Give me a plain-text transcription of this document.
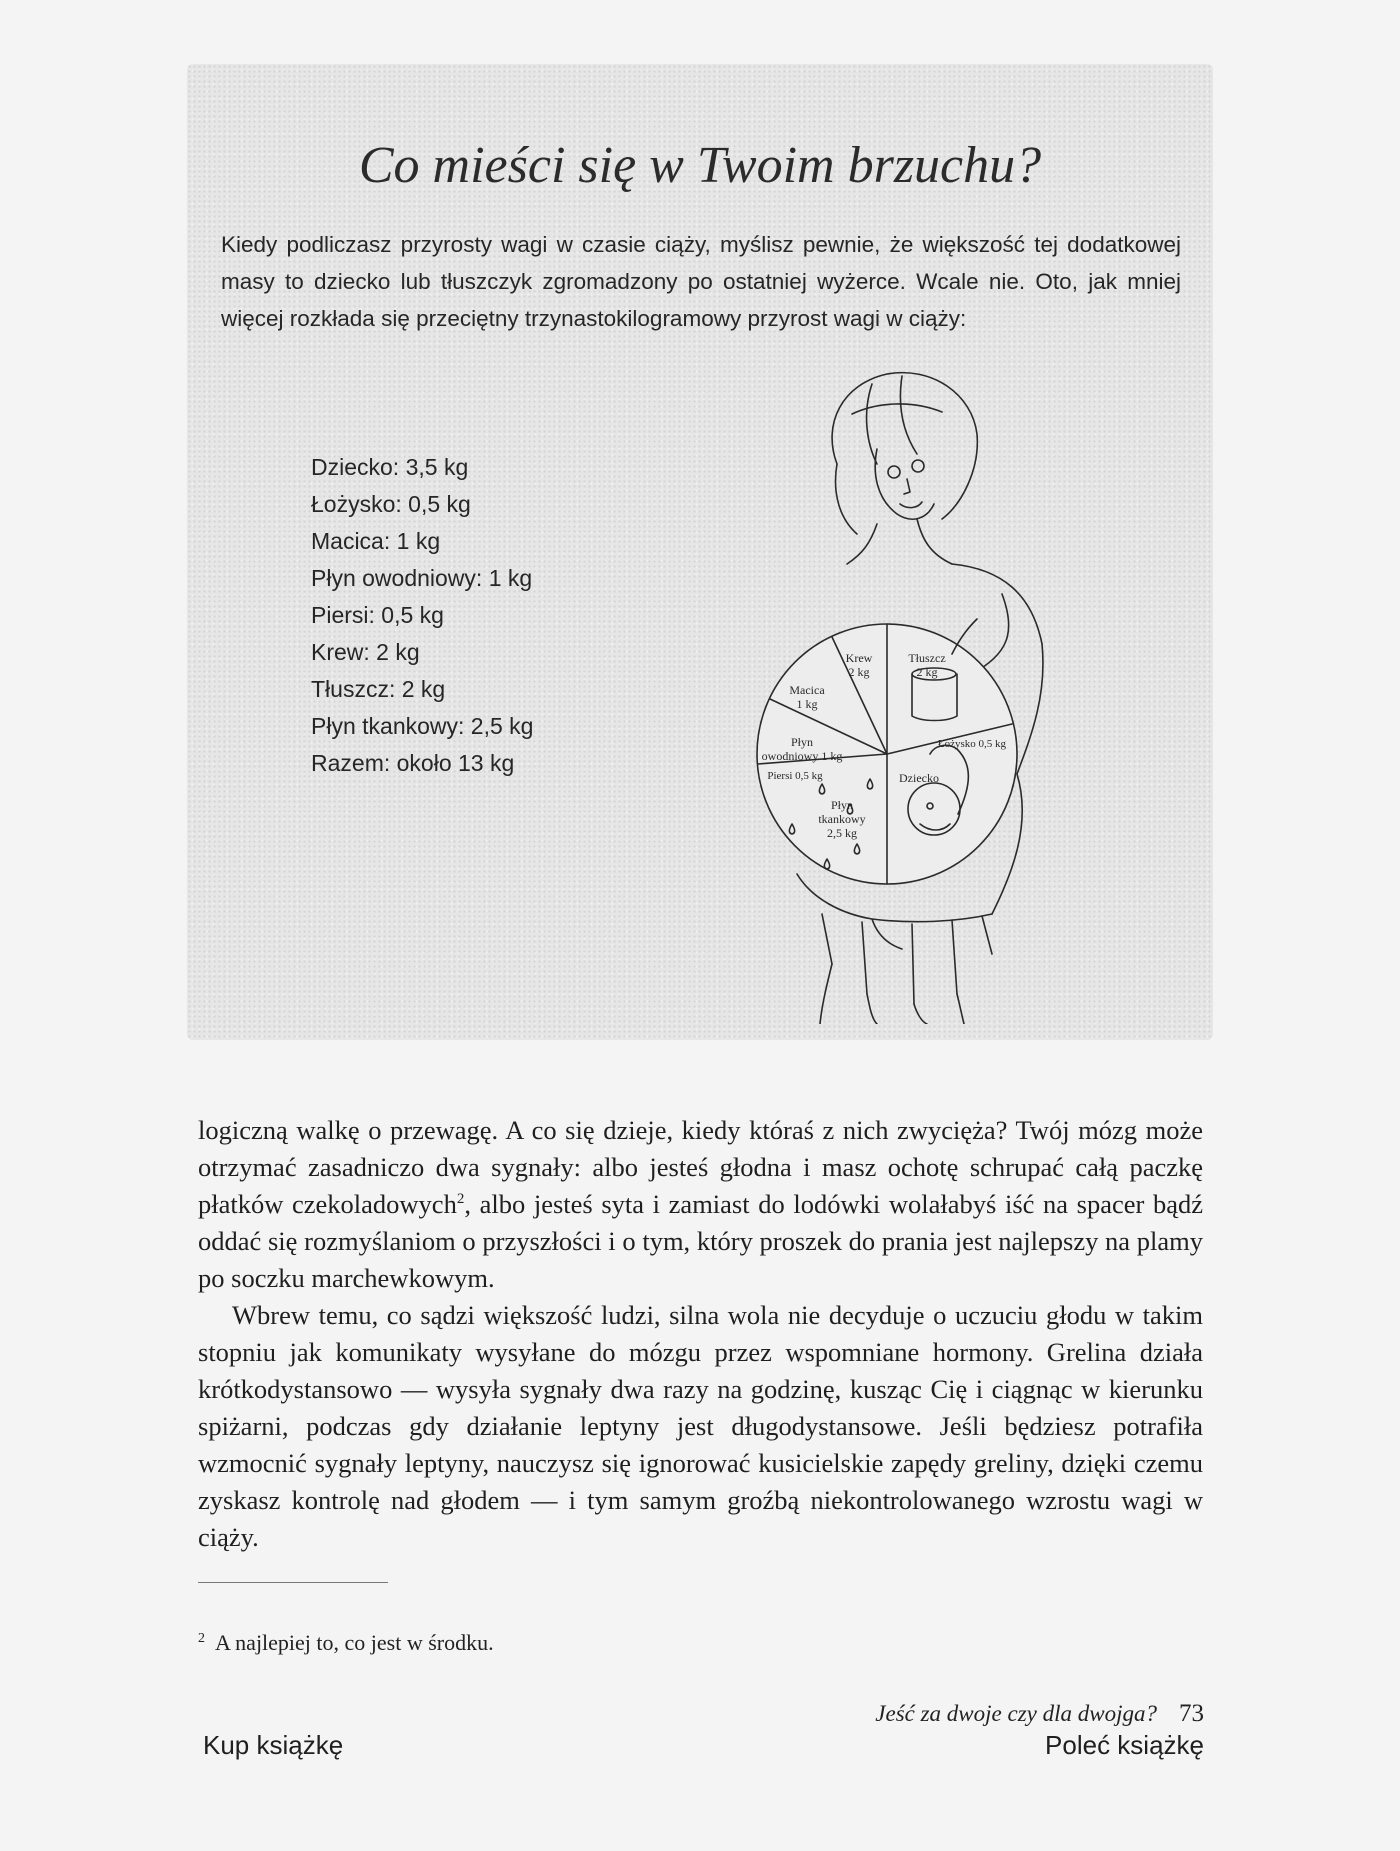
Co mieści się w Twoim brzuchu?

Kiedy podliczasz przyrosty wagi w czasie ciąży, myślisz pewnie, że większość tej dodatkowej masy to dziecko lub tłuszczyk zgromadzony po ostatniej wyżerce. Wcale nie. Oto, jak mniej więcej rozkłada się przeciętny trzynastokilogramowy przyrost wagi w ciąży:

Dziecko: 3,5 kg
Łożysko: 0,5 kg
Macica: 1 kg
Płyn owodniowy: 1 kg
Piersi: 0,5 kg
Krew: 2 kg
Tłuszcz: 2 kg
Płyn tkankowy: 2,5 kg
Razem: około 13 kg
Krew
2 kg
Tłuszcz
2 kg
Macica
1 kg
Płyn
owodniowy 1 kg
Łożysko 0,5 kg
Piersi 0,5 kg	Dziecko
Płyn
tkankowy
2,5 kg

logiczną walkę o przewagę. A co się dzieje, kiedy któraś z nich zwycięża? Twój mózg może otrzymać zasadniczo dwa sygnały: albo jesteś głodna i masz ochotę schrupać całą paczkę płatków czekoladowych$^2$, albo jesteś syta i zamiast do lodówki wolałabyś iść na spacer bądź oddać się rozmyślaniom o przyszłości i o tym, który proszek do prania jest najlepszy na plamy po soczku marchewkowym.

Wbrew temu, co sądzi większość ludzi, silna wola nie decyduje o uczuciu głodu w takim stopniu jak komunikaty wysyłane do mózgu przez wspomniane hormony. Grelina działa krótkodystansowo — wysyła sygnały dwa razy na godzinę, kusząc Cię i ciągnąc w kierunku spiżarni, podczas gdy działanie leptyny jest długodystansowe. Jeśli będziesz potrafiła wzmocnić sygnały leptyny, nauczysz się ignorować kusicielskie zapędy greliny, dzięki czemu zyskasz kontrolę nad głodem — i tym samym groźbą niekontrolowanego wzrostu wagi w ciąży.

$^2$ A najlepiej to, co jest w środku.
Jeść za dwoje czy dla dwojga? 73
Kup książkę	Poleć książkę
